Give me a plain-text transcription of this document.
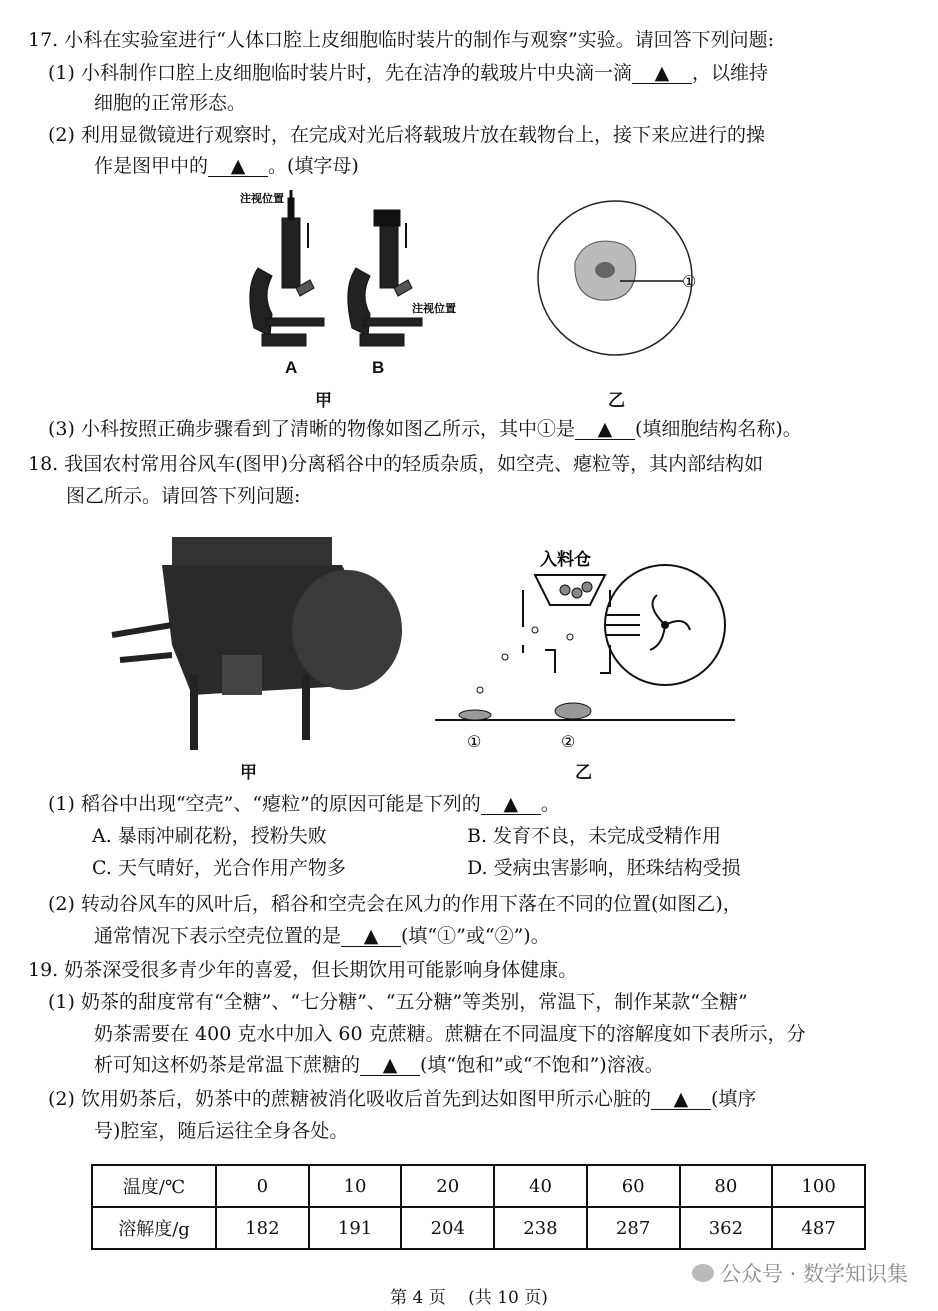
17. 小科在实验室进行“人体口腔上皮细胞临时装片的制作与观察”实验。请回答下列问题:
(1) 小科制作口腔上皮细胞临时装片时，先在洁净的载玻片中央滴一滴 ▲ ，以维持
细胞的正常形态。
(2) 利用显微镜进行观察时，在完成对光后将载玻片放在载物台上，接下来应进行的操
作是图甲中的 ▲ 。(填字母)
注视位置
注视位置
A	B
甲
①
乙
(3) 小科按照正确步骤看到了清晰的物像如图乙所示，其中①是 ▲ (填细胞结构名称)。
18. 我国农村常用谷风车(图甲)分离稻谷中的轻质杂质，如空壳、瘪粒等，其内部结构如
图乙所示。请回答下列问题:
甲
入料仓
①	②
乙
(1) 稻谷中出现“空壳”、“瘪粒”的原因可能是下列的 ▲ 。
A. 暴雨冲刷花粉，授粉失败	B. 发育不良，未完成受精作用
C. 天气晴好，光合作用产物多	D. 受病虫害影响，胚珠结构受损
(2) 转动谷风车的风叶后，稻谷和空壳会在风力的作用下落在不同的位置(如图乙)，
通常情况下表示空壳位置的是 ▲ (填“①”或“②”)。
19. 奶茶深受很多青少年的喜爱，但长期饮用可能影响身体健康。
(1) 奶茶的甜度常有“全糖”、“七分糖”、“五分糖”等类别，常温下，制作某款“全糖”
奶茶需要在 400 克水中加入 60 克蔗糖。蔗糖在不同温度下的溶解度如下表所示，分
析可知这杯奶茶是常温下蔗糖的 ▲ (填“饱和”或“不饱和”)溶液。
(2) 饮用奶茶后，奶茶中的蔗糖被消化吸收后首先到达如图甲所示心脏的 ▲ (填序
号)腔室，随后运往全身各处。
温度/℃	0	10	20	40	60	80	100
溶解度/g	182	191	204	238	287	362	487
公众号 · 数学知识集
第 4 页　 (共 10 页)
